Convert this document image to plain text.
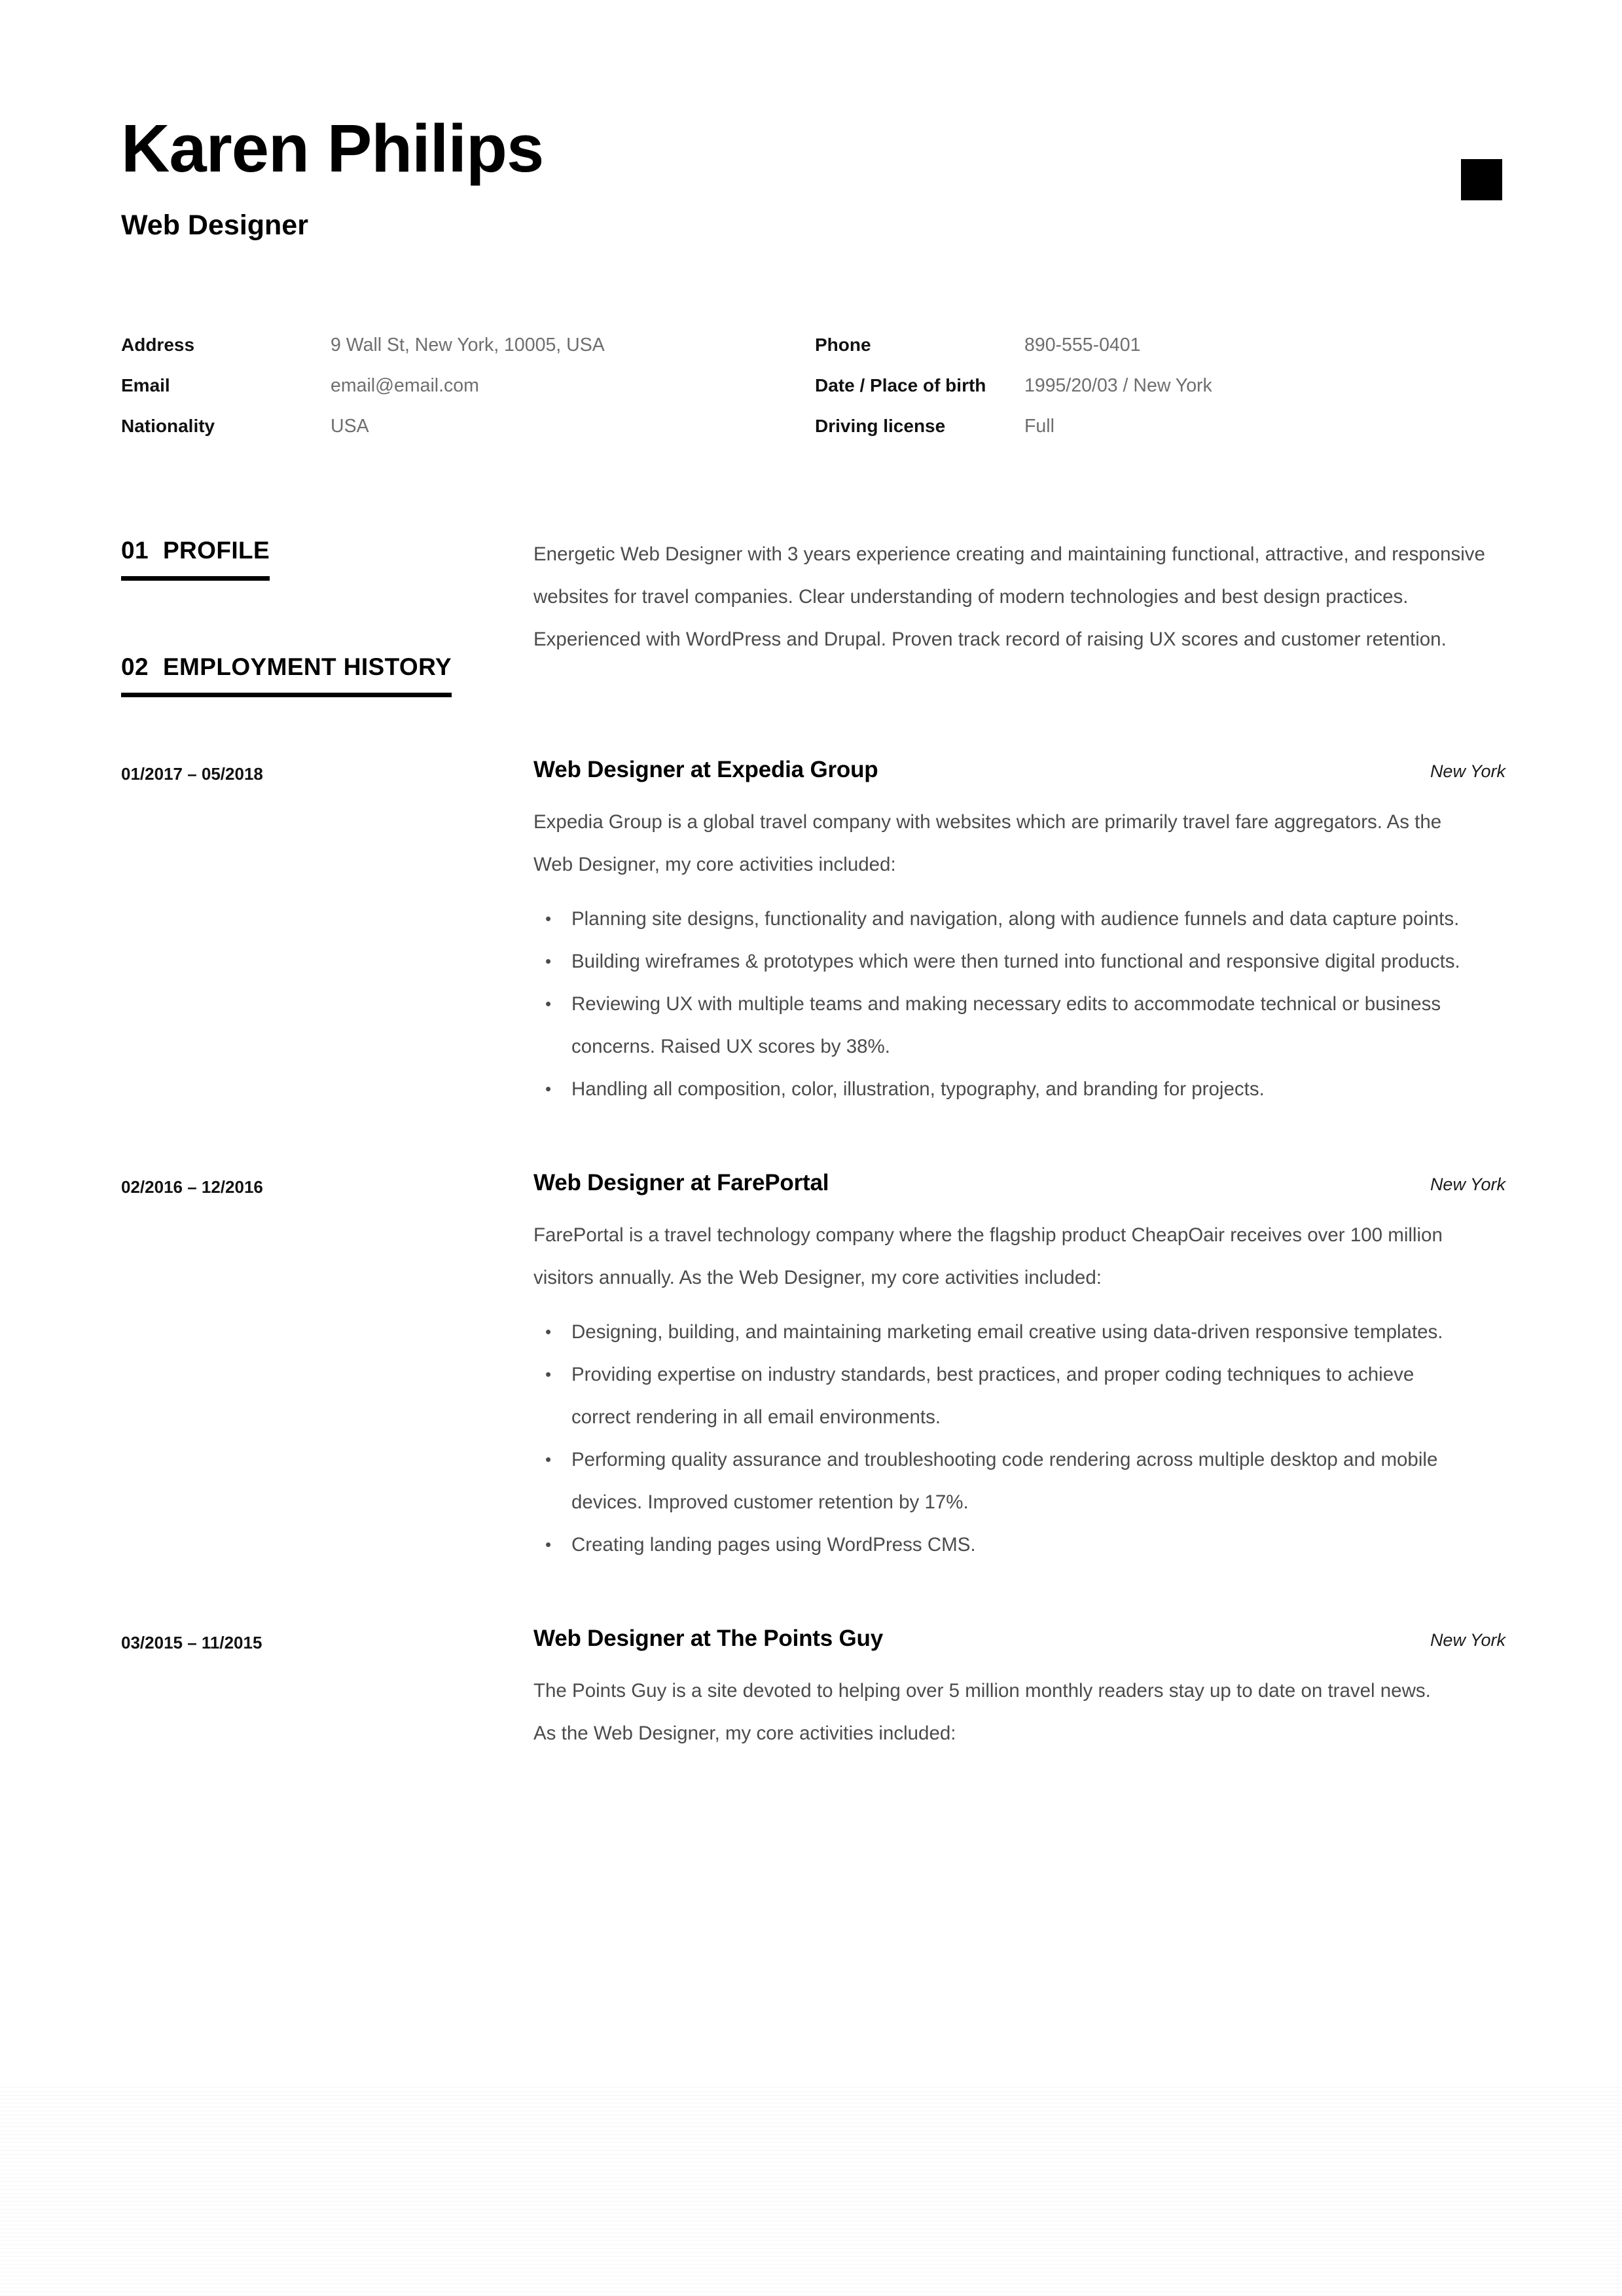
Karen Philips
Web Designer
Address	9 Wall St, New York, 10005, USA
Email	email@email.com
Nationality	USA
Phone	890-555-0401
Date / Place of birth	1995/20/03 / New York
Driving license	Full
01 PROFILE	Energetic Web Designer with 3 years experience creating and maintaining functional, attractive, and responsive websites for travel companies. Clear understanding of modern technologies and best design practices. Experienced with WordPress and Drupal. Proven track record of raising UX scores and customer retention.

02 EMPLOYMENT HISTORY
01/2017 – 05/2018	Web Designer at Expedia Group	New York

Expedia Group is a global travel company with websites which are primarily travel fare aggregators. As the Web Designer, my core activities included:

• Planning site designs, functionality and navigation, along with audience funnels and data capture points.
• Building wireframes & prototypes which were then turned into functional and responsive digital products.
• Reviewing UX with multiple teams and making necessary edits to accommodate technical or business concerns. Raised UX scores by 38%.
• Handling all composition, color, illustration, typography, and branding for projects.
02/2016 – 12/2016	Web Designer at FarePortal	New York

FarePortal is a travel technology company where the flagship product CheapOair receives over 100 million visitors annually. As the Web Designer, my core activities included:

• Designing, building, and maintaining marketing email creative using data-driven responsive templates.
• Providing expertise on industry standards, best practices, and proper coding techniques to achieve correct rendering in all email environments.
• Performing quality assurance and troubleshooting code rendering across multiple desktop and mobile devices. Improved customer retention by 17%.
• Creating landing pages using WordPress CMS.
03/2015 – 11/2015	Web Designer at The Points Guy	New York

The Points Guy is a site devoted to helping over 5 million monthly readers stay up to date on travel news. As the Web Designer, my core activities included:
